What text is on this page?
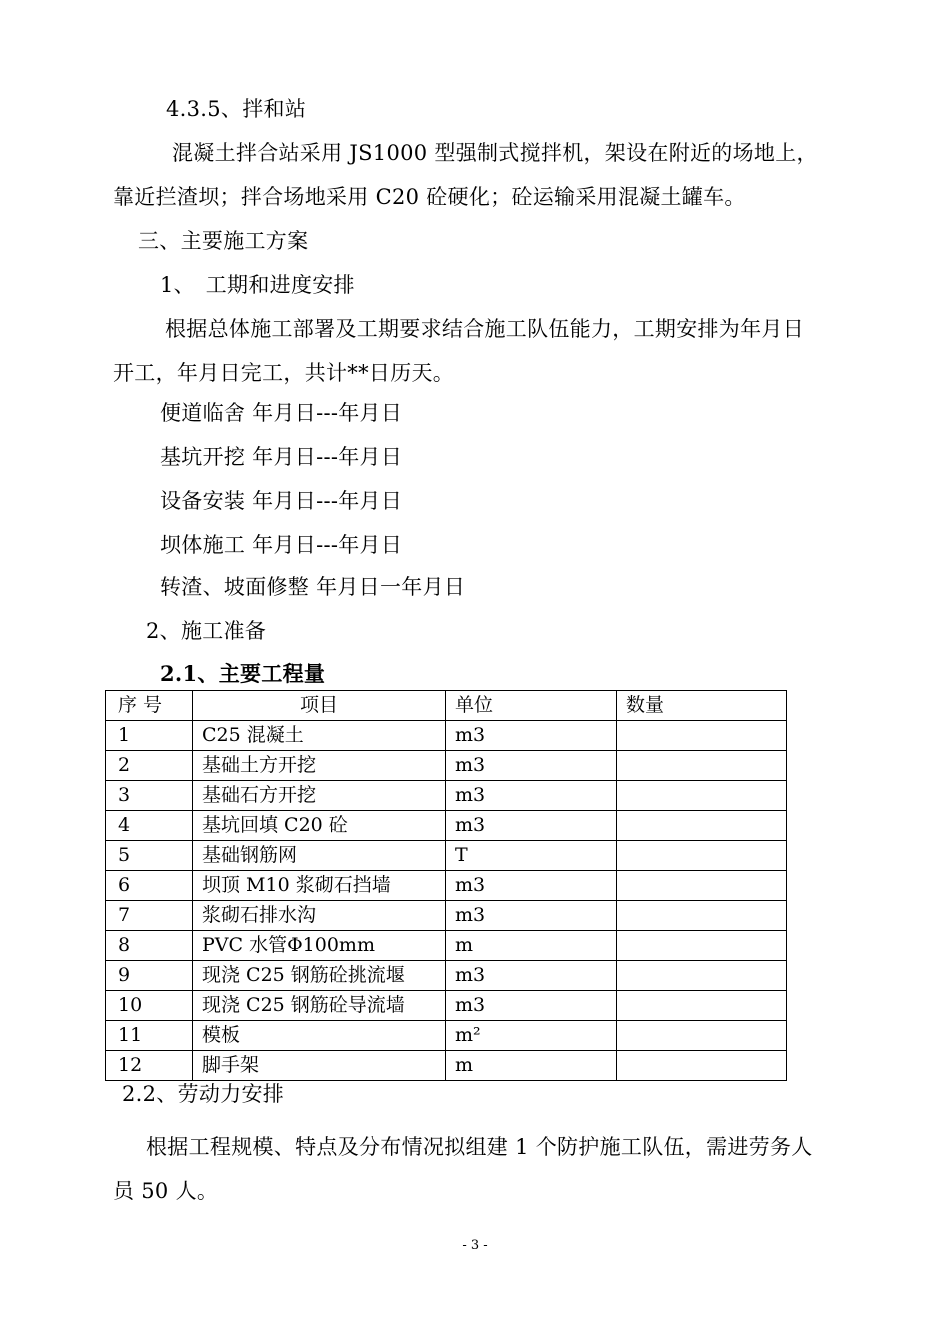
4.3.5、拌和站
混凝土拌合站采用 JS1000 型强制式搅拌机，架设在附近的场地上，
靠近拦渣坝；拌合场地采用 C20 砼硬化；砼运输采用混凝土罐车。
三、主要施工方案
1、　工期和进度安排
根据总体施工部署及工期要求结合施工队伍能力，工期安排为年月日
开工，年月日完工，共计**日历天。
便道临舍 年月日---年月日
基坑开挖 年月日---年月日
设备安装 年月日---年月日
坝体施工 年月日---年月日
转渣、坡面修整 年月日一年月日
2、施工准备
2.1、主要工程量
序 号	项目	单位	数量
1	C25 混凝土	m3	
2	基础土方开挖	m3	
3	基础石方开挖	m3	
4	基坑回填 C20 砼	m3	
5	基础钢筋网	T	
6	坝顶 M10 浆砌石挡墙	m3	
7	浆砌石排水沟	m3	
8	PVC 水管Φ100mm	m	
9	现浇 C25 钢筋砼挑流堰	m3	
10	现浇 C25 钢筋砼导流墙	m3	
11	模板	m²	
12	脚手架	m	
2.2、劳动力安排
根据工程规模、特点及分布情况拟组建 1 个防护施工队伍，需进劳务人
员 50 人。
- 3 -
